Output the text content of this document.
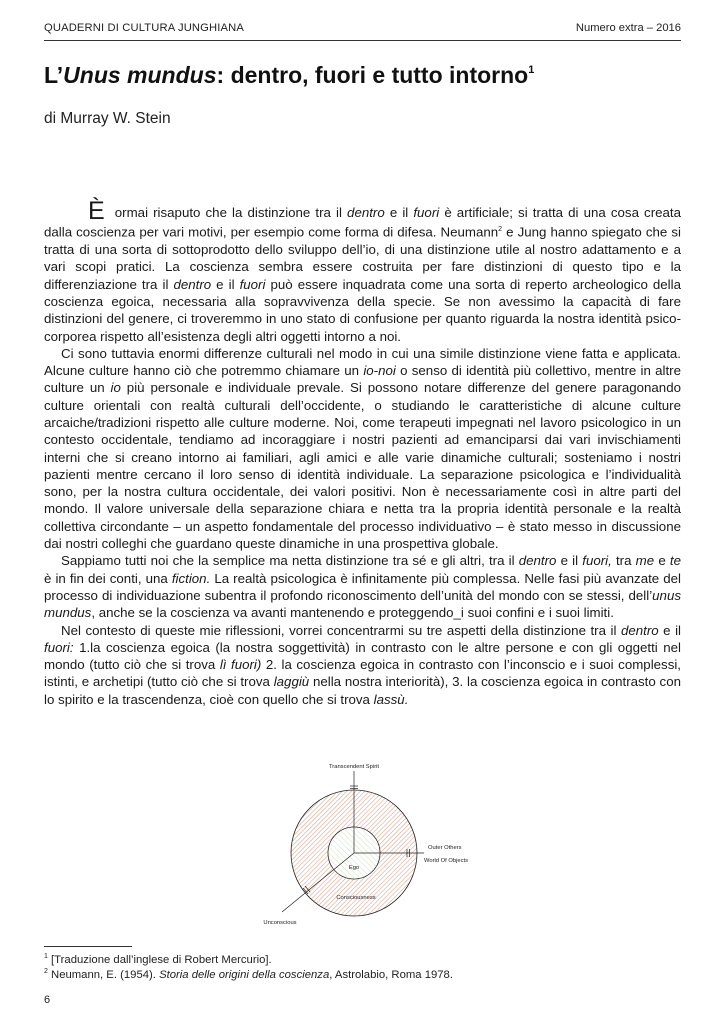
QUADERNI DI CULTURA JUNGHIANA	Numero extra – 2016
L’Unus mundus: dentro, fuori e tutto intorno$^1$
di Murray W. Stein

È ormai risaputo che la distinzione tra il dentro e il fuori è artificiale; si tratta di una cosa creata dalla coscienza per vari motivi, per esempio come forma di difesa. Neumann$^2$ e Jung hanno spiegato che si tratta di una sorta di sottoprodotto dello sviluppo dell’io, di una distinzione utile al nostro adattamento e a vari scopi pratici. La coscienza sembra essere costruita per fare distinzioni di questo tipo e la differenziazione tra il dentro e il fuori può essere inquadrata come una sorta di reperto archeologico della coscienza egoica, necessaria alla sopravvivenza della specie. Se non avessimo la capacità di fare distinzioni del genere, ci troveremmo in uno stato di confusione per quanto riguarda la nostra identità psico-corporea rispetto all’esistenza degli altri oggetti intorno a noi.

Ci sono tuttavia enormi differenze culturali nel modo in cui una simile distinzione viene fatta e applicata. Alcune culture hanno ciò che potremmo chiamare un io-noi o senso di identità più collettivo, mentre in altre culture un io più personale e individuale prevale. Si possono notare differenze del genere paragonando culture orientali con realtà culturali dell’occidente, o studiando le caratteristiche di alcune culture arcaiche/tradizioni rispetto alle culture moderne. Noi, come terapeuti impegnati nel lavoro psicologico in un contesto occidentale, tendiamo ad incoraggiare i nostri pazienti ad emanciparsi dai vari invischiamenti interni che si creano intorno ai familiari, agli amici e alle varie dinamiche culturali; sosteniamo i nostri pazienti mentre cercano il loro senso di identità individuale. La separazione psicologica e l’individualità sono, per la nostra cultura occidentale, dei valori positivi. Non è necessariamente così in altre parti del mondo. Il valore universale della separazione chiara e netta tra la propria identità personale e la realtà collettiva circondante – un aspetto fondamentale del processo individuativo – è stato messo in discussione dai nostri colleghi che guardano queste dinamiche in una prospettiva globale.

Sappiamo tutti noi che la semplice ma netta distinzione tra sé e gli altri, tra il dentro e il fuori, tra me e te è in fin dei conti, una fiction. La realtà psicologica è infinitamente più complessa. Nelle fasi più avanzate del processo di individuazione subentra il profondo riconoscimento dell’unità del mondo con se stessi, dell’unus mundus, anche se la coscienza va avanti mantenendo e proteggendo_i suoi confini e i suoi limiti.

Nel contesto di queste mie riflessioni, vorrei concentrarmi su tre aspetti della distinzione tra il dentro e il fuori: 1.la coscienza egoica (la nostra soggettività) in contrasto con le altre persone e con gli oggetti nel mondo (tutto ciò che si trova lì fuori) 2. la coscienza egoica in contrasto con l’inconscio e i suoi complessi, istinti, e archetipi (tutto ciò che si trova laggiù nella nostra interiorità), 3. la coscienza egoica in contrasto con lo spirito e la trascendenza, cioè con quello che si trova lassù.

Transcendent Spirit
Outer Others
World Of Objects
Ego
Consciousness
Unconscious
$^1$ [Traduzione dall’inglese di Robert Mercurio].
$^2$ Neumann, E. (1954). Storia delle origini della coscienza, Astrolabio, Roma 1978.
6
